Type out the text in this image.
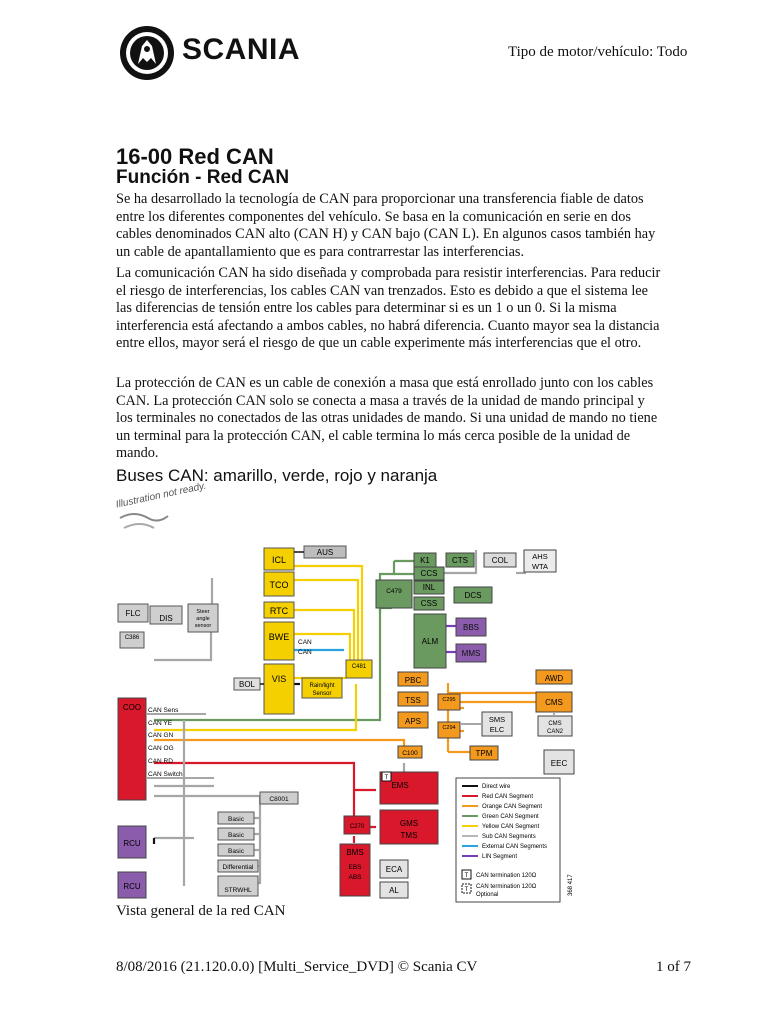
SCANIA	Tipo de motor/vehículo: Todo
16-00 Red CAN
Función - Red CAN

Se ha desarrollado la tecnología de CAN para proporcionar una transferencia fiable de datos entre los diferentes componentes del vehículo. Se basa en la comunicación en serie en dos cables denominados CAN alto (CAN H) y CAN bajo (CAN L). En algunos casos también hay un cable de apantallamiento que es para contrarrestar las interferencias.

La comunicación CAN ha sido diseñada y comprobada para resistir interferencias. Para reducir el riesgo de interferencias, los cables CAN van trenzados. Esto es debido a que el sistema lee las diferencias de tensión entre los cables para determinar si es un 1 o un 0. Si la misma interferencia está afectando a ambos cables, no habrá diferencia. Cuanto mayor sea la distancia entre ellos, mayor será el riesgo de que un cable experimente más interferencias que el otro.

La protección de CAN es un cable de conexión a masa que está enrollado junto con los cables CAN. La protección CAN solo se conecta a masa a través de la unidad de mando principal y los terminales no conectados de las otras unidades de mando. Si una unidad de mando no tiene un terminal para la protección CAN, el cable termina lo más cerca posible de la unidad de mando.

Buses CAN: amarillo, verde, rojo y naranja
Illustration not ready.
ICL
AUS
TCO
RTC
BWE
CAN
CAN
VIS
Rain/light
Sensor
C481
BOL
K1	CTS	COL	AHS
WTA
CCS
INL
DCS
C479
CSS
ALM
BBS
MMS
FLC
DIS
Steer
angle
sensor
C386
COO CAN Sens
CAN YE
CAN GN
CAN OG
CAN RD
CAN Switch
PBC	AWD
TSS	C295	CMS
APS
C294
SMS
ELC
CMS
CAN2
C100	TPM
EEC
EMS
T
GMS
TMS
C270
BMS
EBS
ABS
ECA
AL
C8001
Basic
Basic
Basic
Differential
STRWHL
RCU
RCU
Direct wire
Red CAN Segment
Orange CAN Segment
Green CAN Segment
Yellow CAN Segment
Sub CAN Segments
External CAN Segments
LIN Segment
T CAN termination 120Ω
T CAN termination 120Ω
Optional	368 417
Vista general de la red CAN
8/08/2016 (21.120.0.0) [Multi_Service_DVD] © Scania CV	1 of 7
